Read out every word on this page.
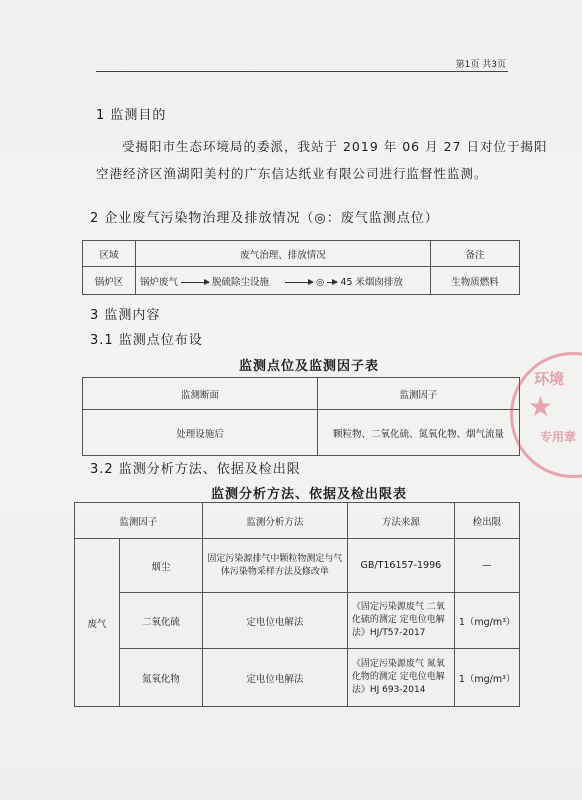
第1页 共3页
1 监测目的
受揭阳市生态环境局的委派，我站于 2019 年 06 月 27 日对位于揭阳
空港经济区渔湖阳美村的广东信达纸业有限公司进行监督性监测。
2 企业废气污染物治理及排放情况（◎：废气监测点位）
区域	废气治理、排放情况	备注
锅炉区	锅炉废气 脱硫除尘设施 ◎ 45 米烟囱排放	生物质燃料
3 监测内容
3.1 监测点位布设
监测点位及监测因子表
监测断面	监测因子
处理设施后	颗粒物、二氧化硫、氮氧化物、烟气流量
3.2 监测分析方法、依据及检出限
监测分析方法、依据及检出限表
监测因子		监测分析方法	方法来源	检出限
废气	烟尘	固定污染源排气中颗粒物测定与气体污染物采样方法及修改单	GB/T16157-1996	—
	二氧化硫	定电位电解法	《固定污染源废气 二氧化硫的测定 定电位电解法》HJ/T57-2017	1（mg/m³）
	氮氧化物	定电位电解法	《固定污染源废气 氮氧化物的测定 定电位电解法》HJ 693-2014	1（mg/m³）
环境
★
专用章
